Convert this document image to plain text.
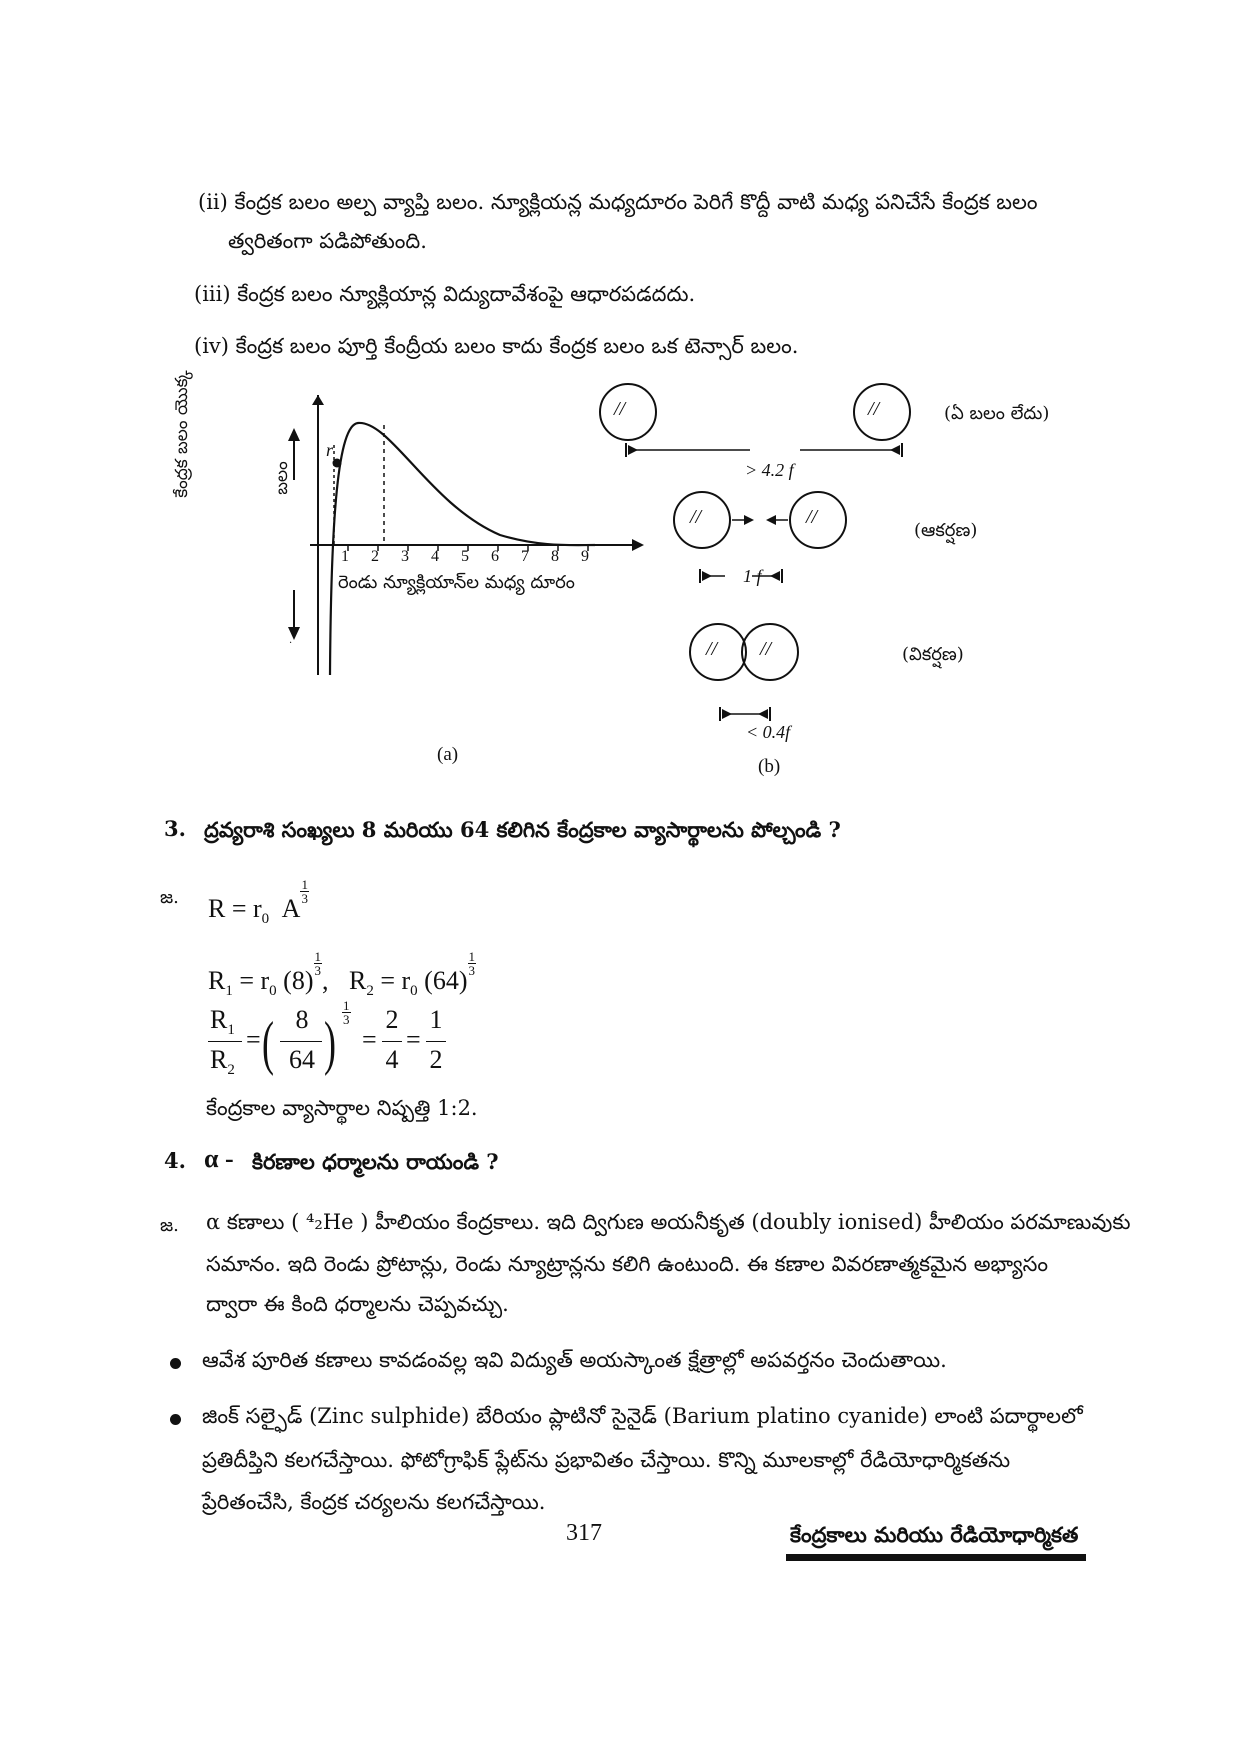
(ii) కేంద్రక బలం అల్ప వ్యాప్తి బలం. న్యూక్లియన్ల మధ్యదూరం పెరిగే కొద్దీ వాటి మధ్య పనిచేసే కేంద్రక బలం
త్వరితంగా పడిపోతుంది.
(iii) కేంద్రక బలం న్యూక్లియాన్ల విద్యుదావేశంపై ఆధారపడదదు.
(iv) కేంద్రక బలం పూర్తి కేంద్రీయ బలం కాదు కేంద్రక బలం ఒక టెన్సార్ బలం.
.
1 2 3 4 5 6 7 8 9
r
రెండు న్యూక్లియాన్‌ల మధ్య దూరం
కేంద్రక బలం యొక్క	బలం
(a)
//	//
//	//
// //
> 4.2 f
1 f
< 0.4f
(ఏ బలం లేదు)
(ఆకర్షణ)
(వికర్షణ)
(b)
3. ద్రవ్యరాశి సంఖ్యలు 8 మరియు 64 కలిగిన కేంద్రకాల వ్యాసార్థాలను పోల్చండి ?
జ. $R = r_0$ A
$\frac{1}{3}$
$R_1 = r_0$ (8)
$\frac{1}{3}$, $R_2 = r_0$ (64)
$\frac{1}{3}$
$R_1$
$R_2$
= ( 8
64 ) $\frac{1}{3}$
=
2
4
=
1
2
కేంద్రకాల వ్యాసార్థాల నిష్పత్తి 1:2.
4. α - కిరణాల ధర్మాలను రాయండి ?
జ. α కణాలు ( ⁴₂He ) హీలియం కేంద్రకాలు. ఇది ద్విగుణ అయనీకృత (doubly ionised) హీలియం పరమాణువుకు
సమానం. ఇది రెండు ప్రోటాన్లు, రెండు న్యూట్రాన్లను కలిగి ఉంటుంది. ఈ కణాల వివరణాత్మకమైన అభ్యాసం
ద్వారా ఈ కింది ధర్మాలను చెప్పవచ్చు.
ఆవేశ పూరిత కణాలు కావడంవల్ల ఇవి విద్యుత్ అయస్కాంత క్షేత్రాల్లో అపవర్తనం చెందుతాయి.
జింక్ సల్ఫైడ్ (Zinc sulphide) బేరియం ప్లాటినో సైనైడ్ (Barium platino cyanide) లాంటి పదార్థాలలో
ప్రతిదీప్తిని కలగచేస్తాయి. ఫోటోగ్రాఫిక్ ప్లేట్‌ను ప్రభావితం చేస్తాయి. కొన్ని మూలకాల్లో రేడియోధార్మికతను
ప్రేరితంచేసి, కేంద్రక చర్యలను కలగచేస్తాయి.
317	కేంద్రకాలు మరియు రేడియోధార్మికత
